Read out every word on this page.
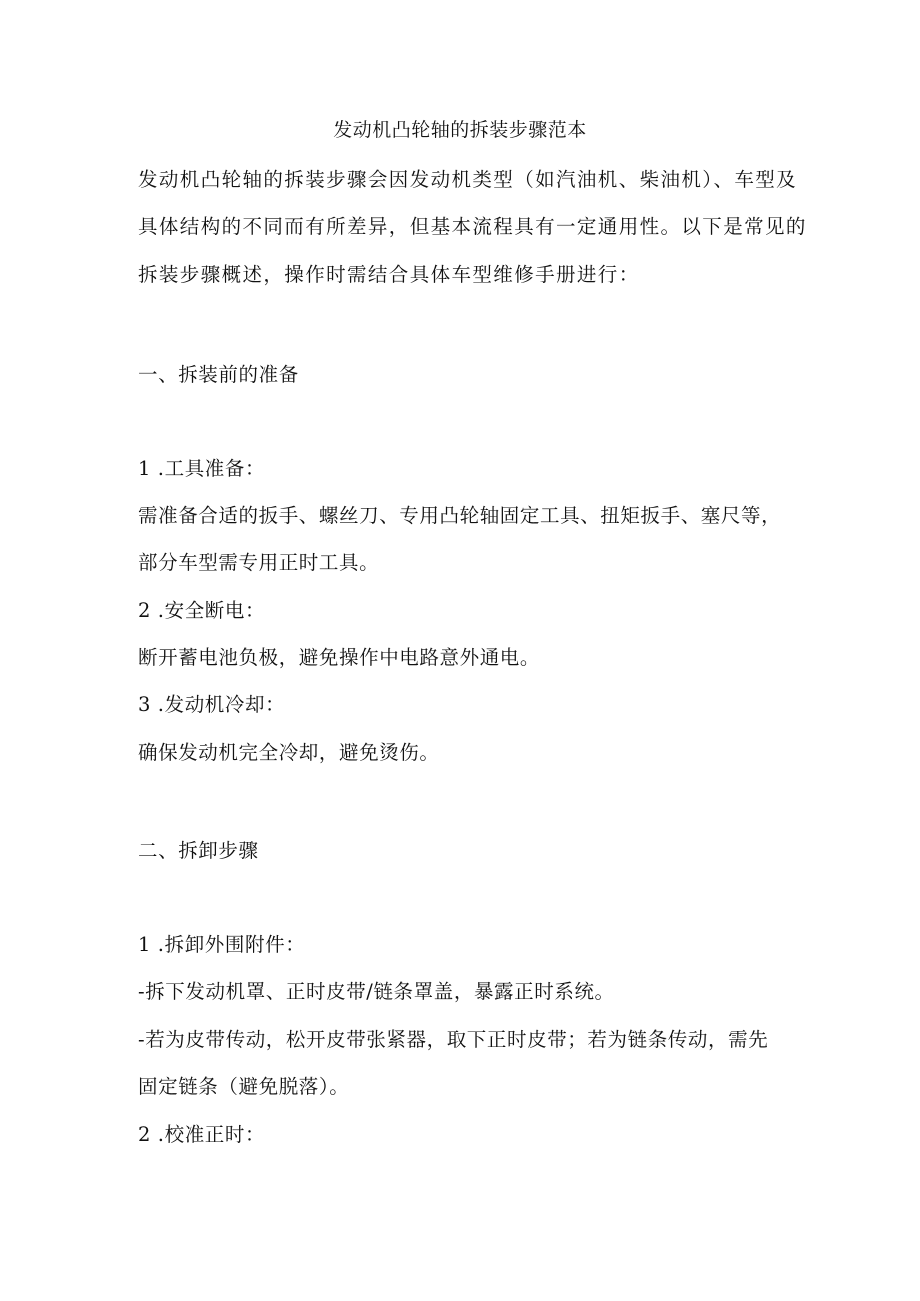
发动机凸轮轴的拆装步骤范本
发动机凸轮轴的拆装步骤会因发动机类型（如汽油机、柴油机）、车型及
具体结构的不同而有所差异，但基本流程具有一定通用性。以下是常见的
拆装步骤概述，操作时需结合具体车型维修手册进行：
一、拆装前的准备
1 .工具准备：
需准备合适的扳手、螺丝刀、专用凸轮轴固定工具、扭矩扳手、塞尺等，
部分车型需专用正时工具。
2 .安全断电：
断开蓄电池负极，避免操作中电路意外通电。
3 .发动机冷却：
确保发动机完全冷却，避免烫伤。
二、拆卸步骤
1 .拆卸外围附件：
-拆下发动机罩、正时皮带/链条罩盖，暴露正时系统。
-若为皮带传动，松开皮带张紧器，取下正时皮带；若为链条传动，需先
固定链条（避免脱落）。
2 .校准正时：
